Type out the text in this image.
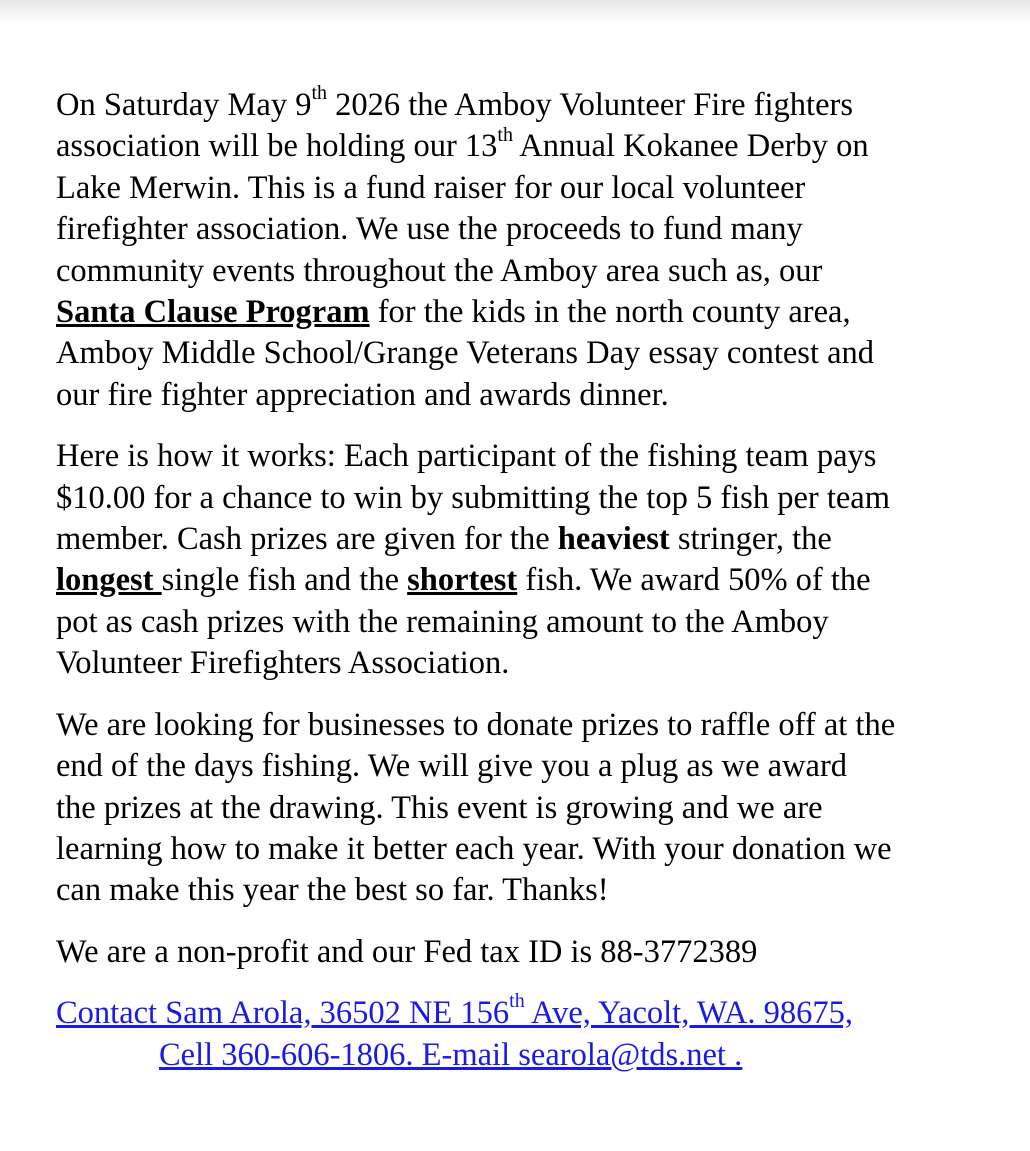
On Saturday May 9th 2026 the Amboy Volunteer Fire fighters
association will be holding our 13th Annual Kokanee Derby on
Lake Merwin. This is a fund raiser for our local volunteer
firefighter association. We use the proceeds to fund many
community events throughout the Amboy area such as, our
Santa Clause Program for the kids in the north county area,
Amboy Middle School/Grange Veterans Day essay contest and
our fire fighter appreciation and awards dinner.

Here is how it works: Each participant of the fishing team pays
$10.00 for a chance to win by submitting the top 5 fish per team
member. Cash prizes are given for the heaviest stringer, the
longest single fish and the shortest fish. We award 50% of the
pot as cash prizes with the remaining amount to the Amboy
Volunteer Firefighters Association.

We are looking for businesses to donate prizes to raffle off at the
end of the days fishing. We will give you a plug as we award
the prizes at the drawing. This event is growing and we are
learning how to make it better each year. With your donation we
can make this year the best so far. Thanks!

We are a non-profit and our Fed tax ID is 88-3772389

Contact Sam Arola, 36502 NE 156th Ave, Yacolt, WA. 98675,
Cell 360-606-1806. E-mail searola@tds.net .
